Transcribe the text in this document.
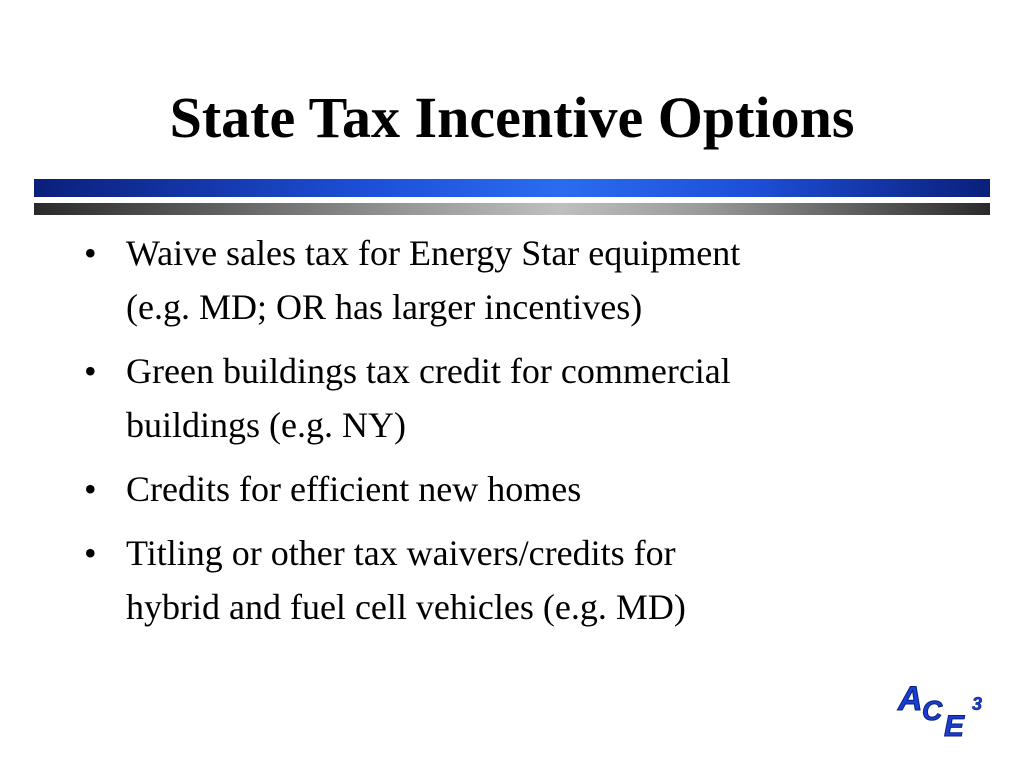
State Tax Incentive Options
• Waive sales tax for Energy Star equipment
(e.g. MD; OR has larger incentives)
• Green buildings tax credit for commercial
buildings (e.g. NY)
• Credits for efficient new homes
• Titling or other tax waivers/credits for
hybrid and fuel cell vehicles (e.g. MD)
A C E
3
